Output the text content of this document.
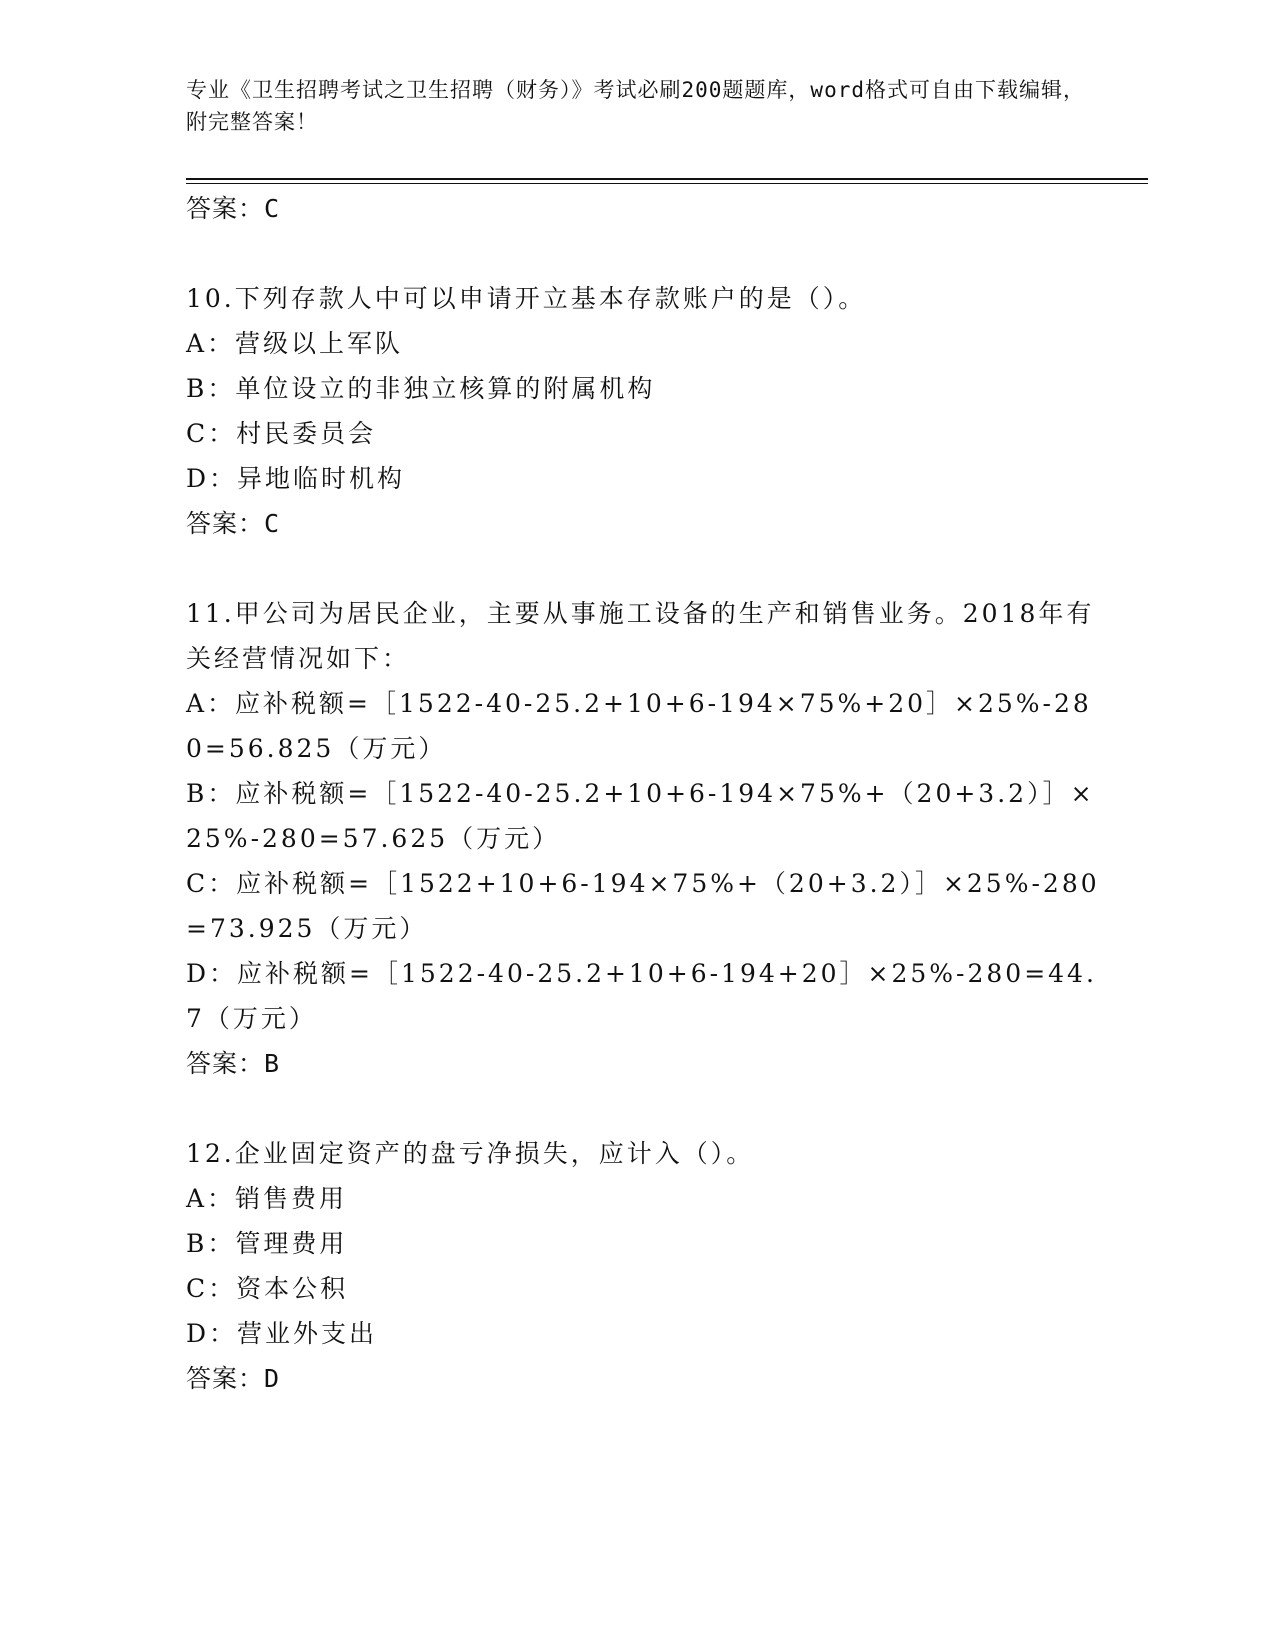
专业《卫生招聘考试之卫生招聘（财务）》考试必刷200题题库，word格式可自由下载编辑，附完整答案！
答案：C
10.下列存款人中可以申请开立基本存款账户的是（）。
A：营级以上军队
B：单位设立的非独立核算的附属机构
C：村民委员会
D：异地临时机构
答案：C
11.甲公司为居民企业，主要从事施工设备的生产和销售业务。2018年有关经营情况如下：
A：应补税额=［1522-40-25.2+10+6-194×75%+20］×25%-280=56.825（万元）
B：应补税额=［1522-40-25.2+10+6-194×75%+（20+3.2）］×25%-280=57.625（万元）
C：应补税额=［1522+10+6-194×75%+（20+3.2）］×25%-280=73.925（万元）
D：应补税额=［1522-40-25.2+10+6-194+20］×25%-280=44.7（万元）
答案：B
12.企业固定资产的盘亏净损失，应计入（）。
A：销售费用
B：管理费用
C：资本公积
D：营业外支出
答案：D
